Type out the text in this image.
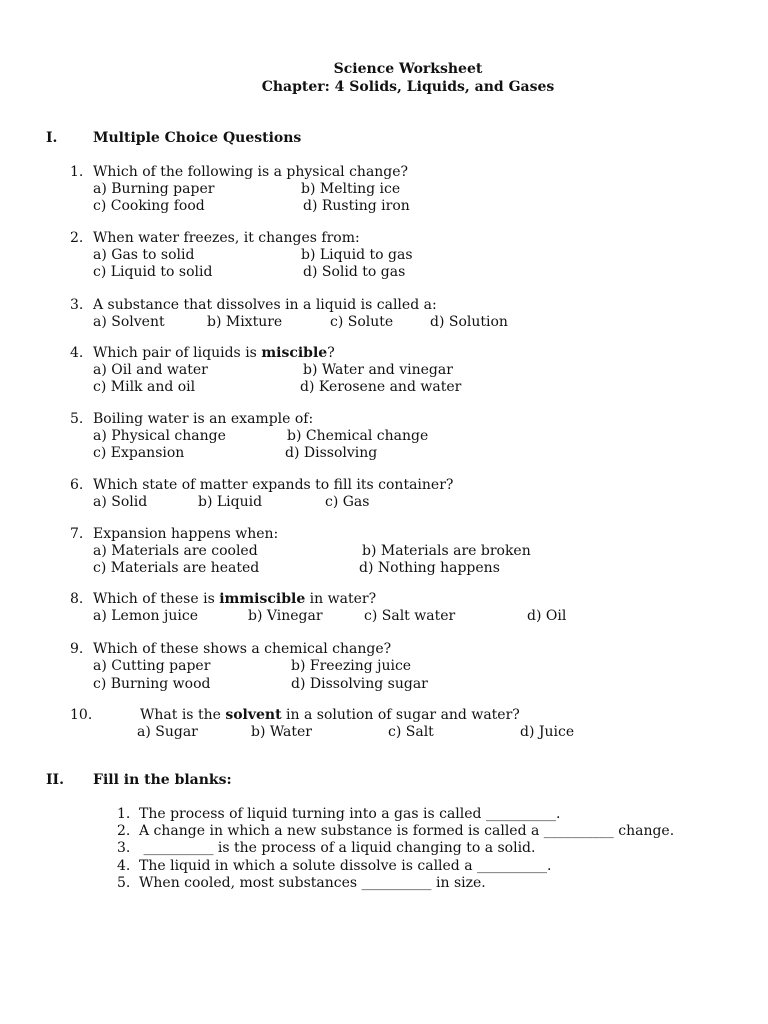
Science Worksheet
Chapter: 4 Solids, Liquids, and Gases
I.	Multiple Choice Questions
1. Which of the following is a physical change?
a) Burning paper	b) Melting ice
c) Cooking food	d) Rusting iron
2. When water freezes, it changes from:
a) Gas to solid	b) Liquid to gas
c) Liquid to solid	d) Solid to gas
3. A substance that dissolves in a liquid is called a:
a) Solvent	b) Mixture	c) Solute	d) Solution
4. Which pair of liquids is miscible?
a) Oil and water	b) Water and vinegar
c) Milk and oil	d) Kerosene and water
5. Boiling water is an example of:
a) Physical change	b) Chemical change
c) Expansion	d) Dissolving
6. Which state of matter expands to fill its container?
a) Solid	b) Liquid	c) Gas
7. Expansion happens when:
a) Materials are cooled	b) Materials are broken
c) Materials are heated	d) Nothing happens
8. Which of these is immiscible in water?
a) Lemon juice	b) Vinegar	c) Salt water	d) Oil
9. Which of these shows a chemical change?
a) Cutting paper	b) Freezing juice
c) Burning wood	d) Dissolving sugar
10.	What is the solvent in a solution of sugar and water?
a) Sugar	b) Water	c) Salt	d) Juice
II. Fill in the blanks:
1. The process of liquid turning into a gas is called __________.
2. A change in which a new substance is formed is called a __________ change.
3. __________ is the process of a liquid changing to a solid.
4. The liquid in which a solute dissolve is called a __________.
5. When cooled, most substances __________ in size.
